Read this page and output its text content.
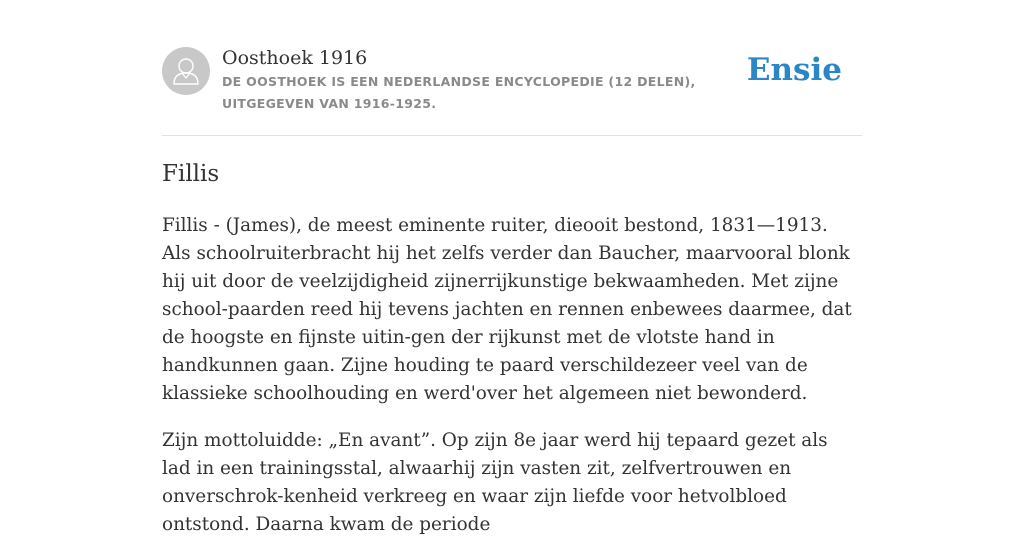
Oosthoek 1916
DE OOSTHOEK IS EEN NEDERLANDSE ENCYCLOPEDIE (12 DELEN), UITGEGEVEN VAN 1916-1925.
Ensie
Fillis

Fillis - (James), de meest eminente ruiter, dieooit bestond, 1831—1913. Als schoolruiterbracht hij het zelfs verder dan Baucher, maarvooral blonk hij uit door de veelzijdigheid zijnerrijkunstige bekwaamheden. Met zijne school-paarden reed hij tevens jachten en rennen enbewees daarmee, dat de hoogste en fijnste uitin-gen der rijkunst met de vlotste hand in handkunnen gaan. Zijne houding te paard verschildezeer veel van de klassieke schoolhouding en werd'over het algemeen niet bewonderd.

Zijn mottoluidde: „En avant”. Op zijn 8e jaar werd hij tepaard gezet als lad in een trainingsstal, alwaarhij zijn vasten zit, zelfvertrouwen en onverschrok-kenheid verkreeg en waar zijn liefde voor hetvolbloed ontstond. Daarna kwam de periode
